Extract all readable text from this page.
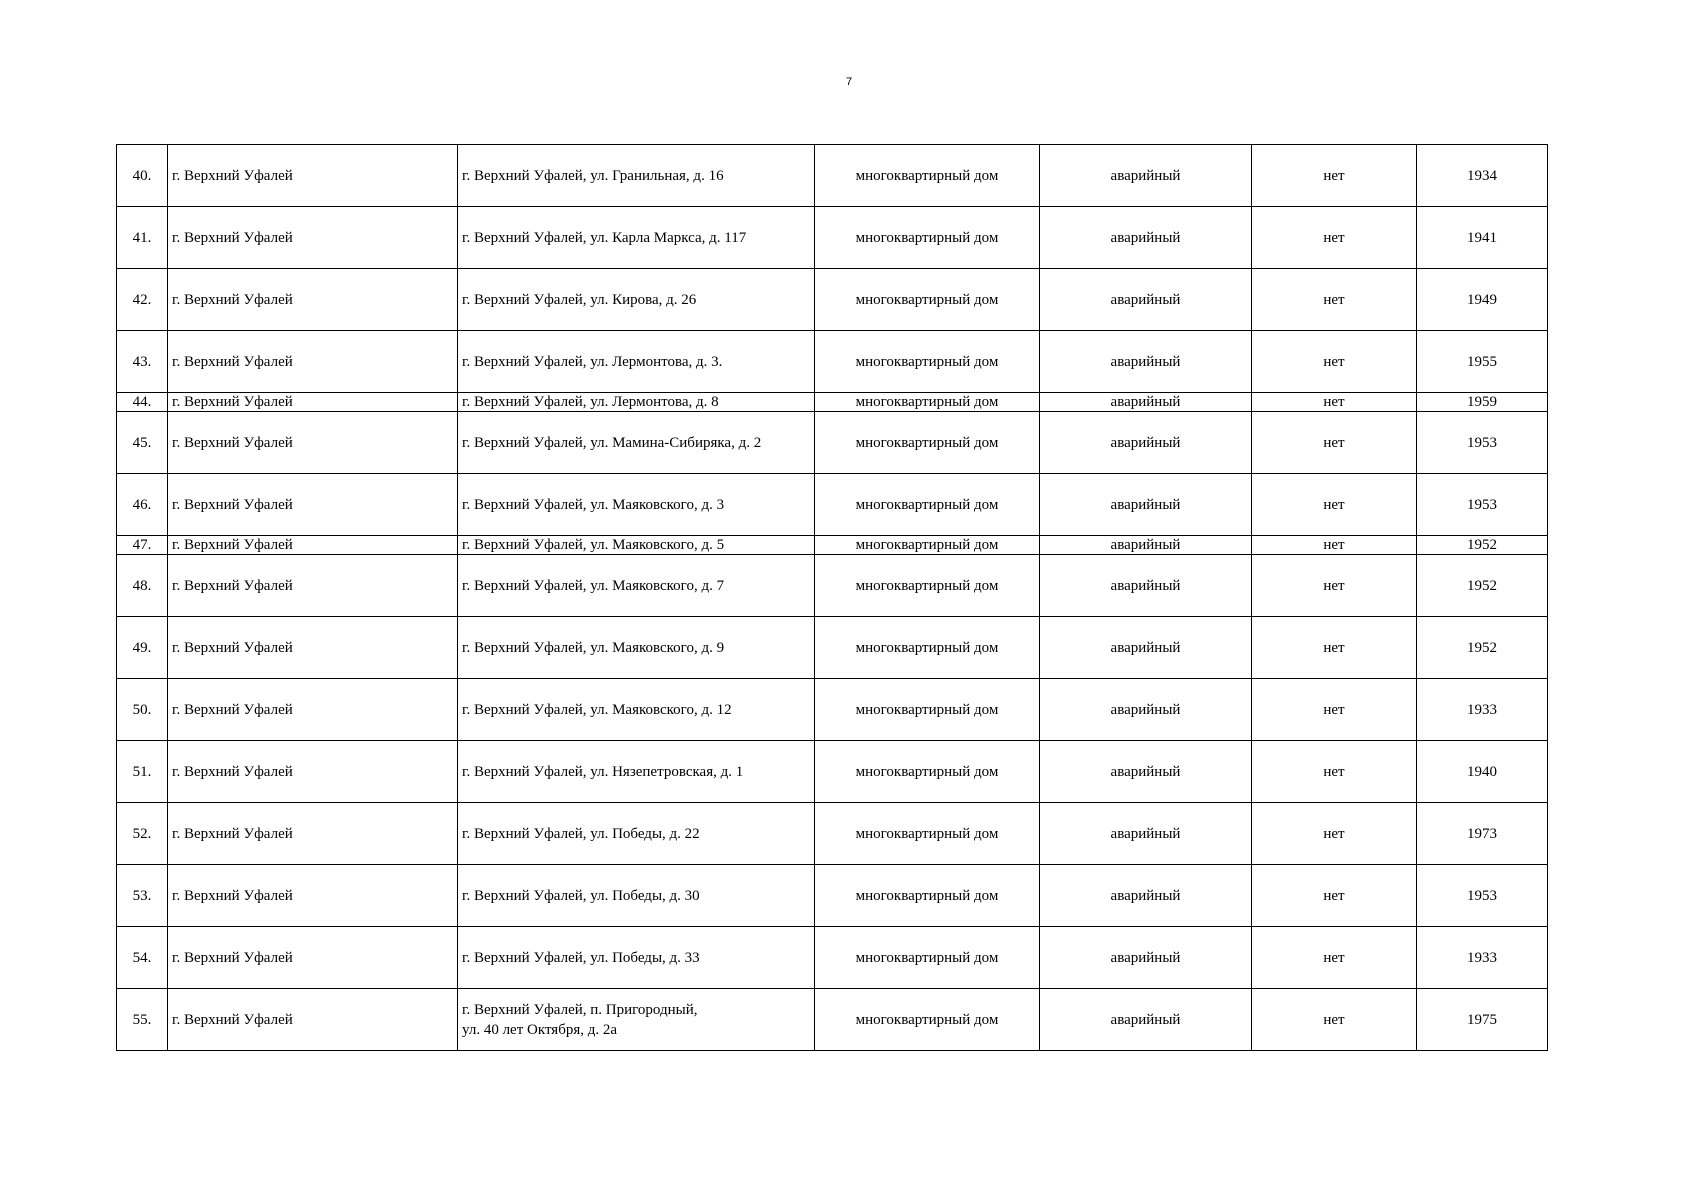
7
40.	г. Верхний Уфалей	г. Верхний Уфалей, ул. Гранильная, д. 16	многоквартирный дом	аварийный	нет	1934
41.	г. Верхний Уфалей	г. Верхний Уфалей, ул. Карла Маркса, д. 117	многоквартирный дом	аварийный	нет	1941
42.	г. Верхний Уфалей	г. Верхний Уфалей, ул. Кирова, д. 26	многоквартирный дом	аварийный	нет	1949
43.	г. Верхний Уфалей	г. Верхний Уфалей, ул. Лермонтова, д. 3.	многоквартирный дом	аварийный	нет	1955
44.	г. Верхний Уфалей	г. Верхний Уфалей, ул. Лермонтова, д. 8	многоквартирный дом	аварийный	нет	1959
45.	г. Верхний Уфалей	г. Верхний Уфалей, ул. Мамина-Сибиряка, д. 2	многоквартирный дом	аварийный	нет	1953
46.	г. Верхний Уфалей	г. Верхний Уфалей, ул. Маяковского, д. 3	многоквартирный дом	аварийный	нет	1953
47.	г. Верхний Уфалей	г. Верхний Уфалей, ул. Маяковского, д. 5	многоквартирный дом	аварийный	нет	1952
48.	г. Верхний Уфалей	г. Верхний Уфалей, ул. Маяковского, д. 7	многоквартирный дом	аварийный	нет	1952
49.	г. Верхний Уфалей	г. Верхний Уфалей, ул. Маяковского, д. 9	многоквартирный дом	аварийный	нет	1952
50.	г. Верхний Уфалей	г. Верхний Уфалей, ул. Маяковского, д. 12	многоквартирный дом	аварийный	нет	1933
51.	г. Верхний Уфалей	г. Верхний Уфалей, ул. Нязепетровская, д. 1	многоквартирный дом	аварийный	нет	1940
52.	г. Верхний Уфалей	г. Верхний Уфалей, ул. Победы, д. 22	многоквартирный дом	аварийный	нет	1973
53.	г. Верхний Уфалей	г. Верхний Уфалей, ул. Победы, д. 30	многоквартирный дом	аварийный	нет	1953
54.	г. Верхний Уфалей	г. Верхний Уфалей, ул. Победы, д. 33	многоквартирный дом	аварийный	нет	1933
55.	г. Верхний Уфалей	г. Верхний Уфалей, п. Пригородный,
ул. 40 лет Октября, д. 2а	многоквартирный дом	аварийный	нет	1975
